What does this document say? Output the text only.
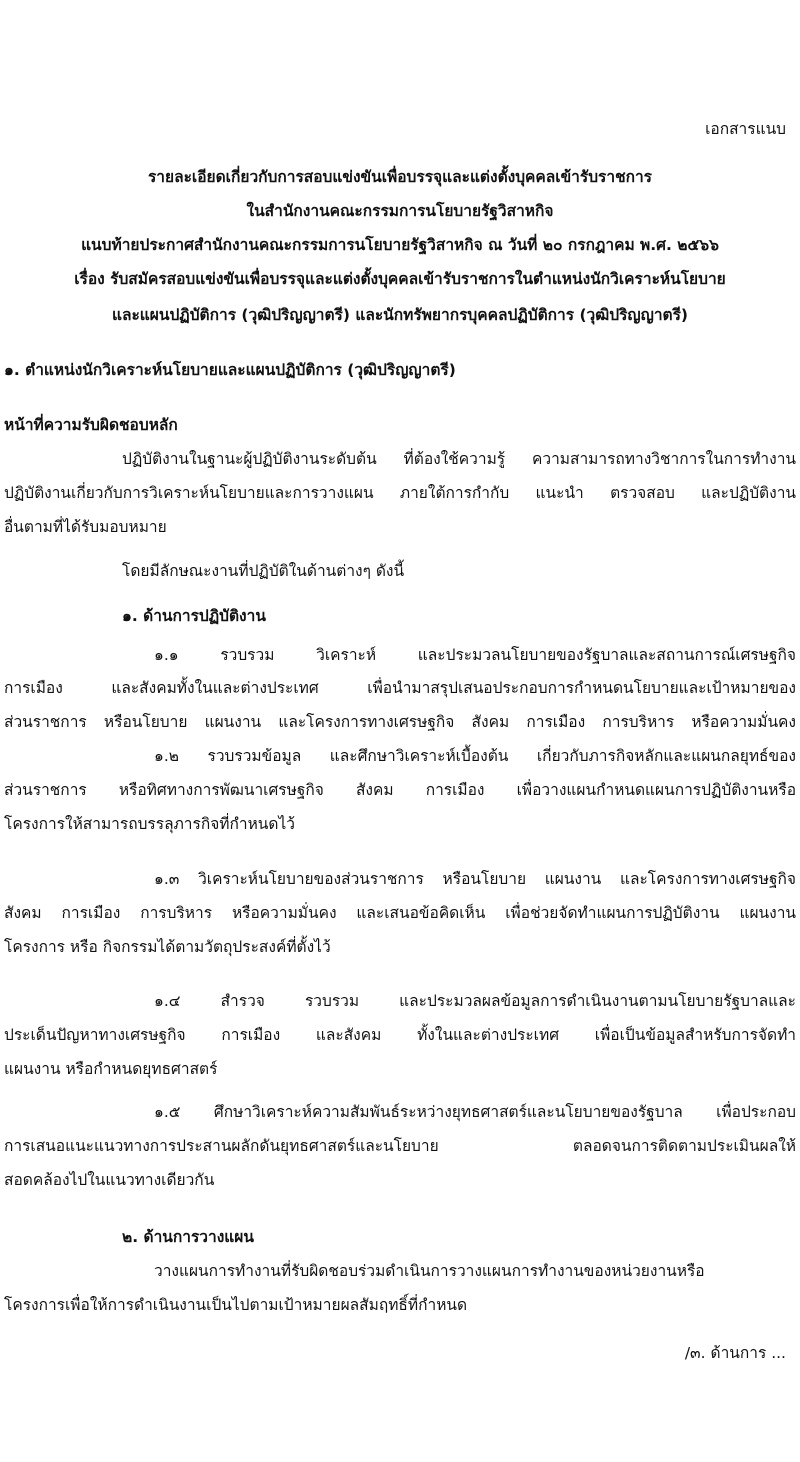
เอกสารแนบ
รายละเอียดเกี่ยวกับการสอบแข่งขันเพื่อบรรจุและแต่งตั้งบุคคลเข้ารับราชการ
ในสำนักงานคณะกรรมการนโยบายรัฐวิสาหกิจ
แนบท้ายประกาศสำนักงานคณะกรรมการนโยบายรัฐวิสาหกิจ ณ วันที่ ๒๐ กรกฎาคม พ.ศ. ๒๕๖๖
เรื่อง รับสมัครสอบแข่งขันเพื่อบรรจุและแต่งตั้งบุคคลเข้ารับราชการในตำแหน่งนักวิเคราะห์นโยบาย
และแผนปฏิบัติการ (วุฒิปริญญาตรี) และนักทรัพยากรบุคคลปฏิบัติการ (วุฒิปริญญาตรี)
๑. ตำแหน่งนักวิเคราะห์นโยบายและแผนปฏิบัติการ (วุฒิปริญญาตรี)
หน้าที่ความรับผิดชอบหลัก
ปฏิบัติงานในฐานะผู้ปฏิบัติงานระดับต้น ที่ต้องใช้ความรู้ ความสามารถทางวิชาการในการทำงาน
ปฏิบัติงานเกี่ยวกับการวิเคราะห์นโยบายและการวางแผน ภายใต้การกำกับ แนะนำ ตรวจสอบ และปฏิบัติงาน
อื่นตามที่ได้รับมอบหมาย
โดยมีลักษณะงานที่ปฏิบัติในด้านต่างๆ ดังนี้
๑. ด้านการปฏิบัติงาน
๑.๑ รวบรวม วิเคราะห์ และประมวลนโยบายของรัฐบาลและสถานการณ์เศรษฐกิจ
การเมือง และสังคมทั้งในและต่างประเทศ เพื่อนำมาสรุปเสนอประกอบการกำหนดนโยบายและเป้าหมายของ
ส่วนราชการ หรือนโยบาย แผนงาน และโครงการทางเศรษฐกิจ สังคม การเมือง การบริหาร หรือความมั่นคง
๑.๒ รวบรวมข้อมูล และศึกษาวิเคราะห์เบื้องต้น เกี่ยวกับภารกิจหลักและแผนกลยุทธ์ของ
ส่วนราชการ หรือทิศทางการพัฒนาเศรษฐกิจ สังคม การเมือง เพื่อวางแผนกำหนดแผนการปฏิบัติงานหรือ
โครงการให้สามารถบรรลุภารกิจที่กำหนดไว้
๑.๓ วิเคราะห์นโยบายของส่วนราชการ หรือนโยบาย แผนงาน และโครงการทางเศรษฐกิจ
สังคม การเมือง การบริหาร หรือความมั่นคง และเสนอข้อคิดเห็น เพื่อช่วยจัดทำแผนการปฏิบัติงาน แผนงาน
โครงการ หรือ กิจกรรมได้ตามวัตถุประสงค์ที่ตั้งไว้
๑.๔ สำรวจ รวบรวม และประมวลผลข้อมูลการดำเนินงานตามนโยบายรัฐบาลและ
ประเด็นปัญหาทางเศรษฐกิจ การเมือง และสังคม ทั้งในและต่างประเทศ เพื่อเป็นข้อมูลสำหรับการจัดทำ
แผนงาน หรือกำหนดยุทธศาสตร์
๑.๕ ศึกษาวิเคราะห์ความสัมพันธ์ระหว่างยุทธศาสตร์และนโยบายของรัฐบาล เพื่อประกอบ
การเสนอแนะแนวทางการประสานผลักดันยุทธศาสตร์และนโยบาย ตลอดจนการติดตามประเมินผลให้
สอดคล้องไปในแนวทางเดียวกัน
๒. ด้านการวางแผน
วางแผนการทำงานที่รับผิดชอบร่วมดำเนินการวางแผนการทำงานของหน่วยงานหรือ
โครงการเพื่อให้การดำเนินงานเป็นไปตามเป้าหมายผลสัมฤทธิ์ที่กำหนด
/๓. ด้านการ ...
